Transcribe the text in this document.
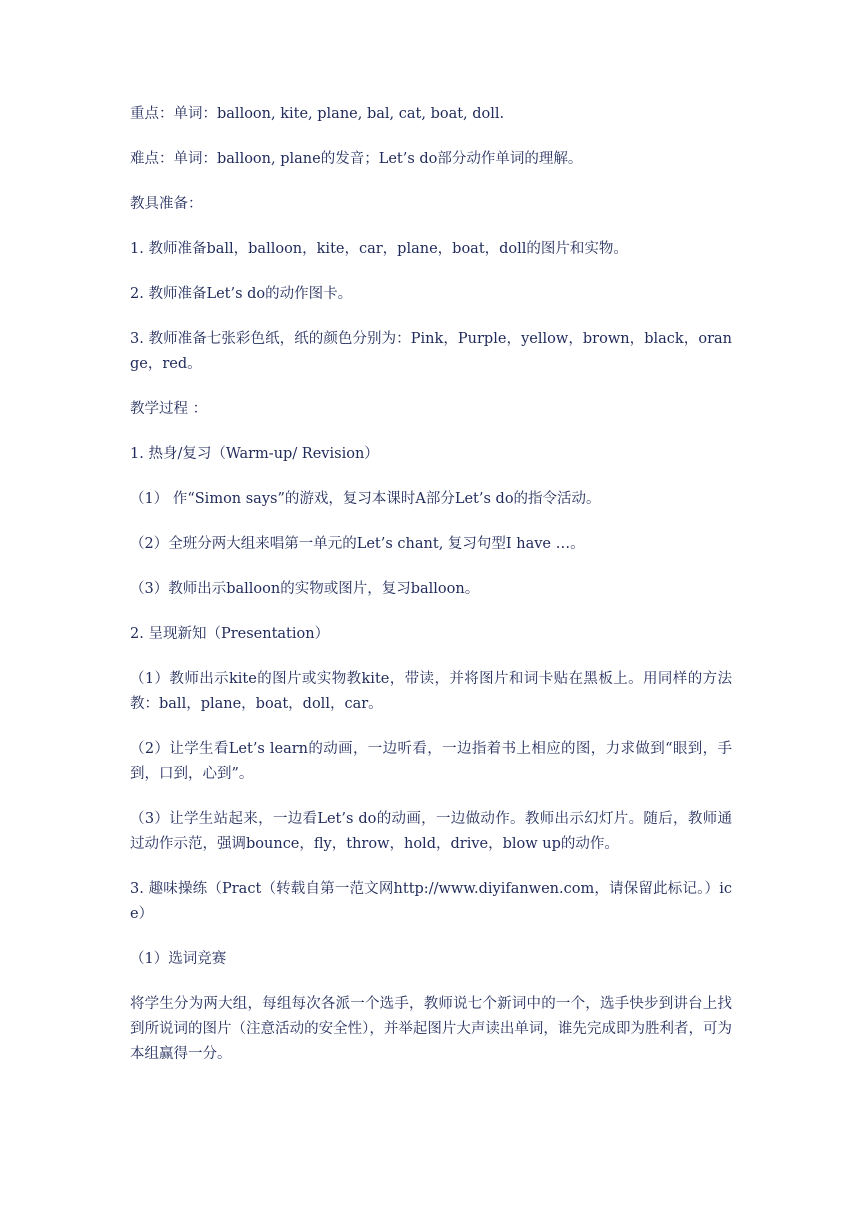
重点：单词：balloon, kite, plane, bal, cat, boat, doll.

难点：单词：balloon, plane的发音；Let’s do部分动作单词的理解。

教具准备：

1. 教师准备ball，balloon，kite，car，plane，boat，doll的图片和实物。

2. 教师准备Let’s do的动作图卡。

3. 教师准备七张彩色纸，纸的颜色分别为：Pink，Purple，yellow，brown，black，orange，red。

教学过程 ：

1. 热身/复习（Warm-up/ Revision）

（1） 作“Simon says”的游戏，复习本课时A部分Let’s do的指令活动。

（2）全班分两大组来唱第一单元的Let’s chant, 复习句型I have …。

（3）教师出示balloon的实物或图片，复习balloon。

2. 呈现新知（Presentation）

（1）教师出示kite的图片或实物教kite，带读，并将图片和词卡贴在黑板上。用同样的方法教：ball，plane，boat，doll，car。

（2）让学生看Let’s learn的动画，一边听看，一边指着书上相应的图，力求做到“眼到，手到，口到，心到”。

（3）让学生站起来，一边看Let’s do的动画，一边做动作。教师出示幻灯片。随后，教师通过动作示范，强调bounce，fly，throw，hold，drive，blow up的动作。

3. 趣味操练（Pract（转载自第一范文网http://www.diyifanwen.com，请保留此标记。）ice）

（1）选词竞赛

将学生分为两大组，每组每次各派一个选手，教师说七个新词中的一个，选手快步到讲台上找到所说词的图片（注意活动的安全性），并举起图片大声读出单词，谁先完成即为胜利者，可为本组赢得一分。
